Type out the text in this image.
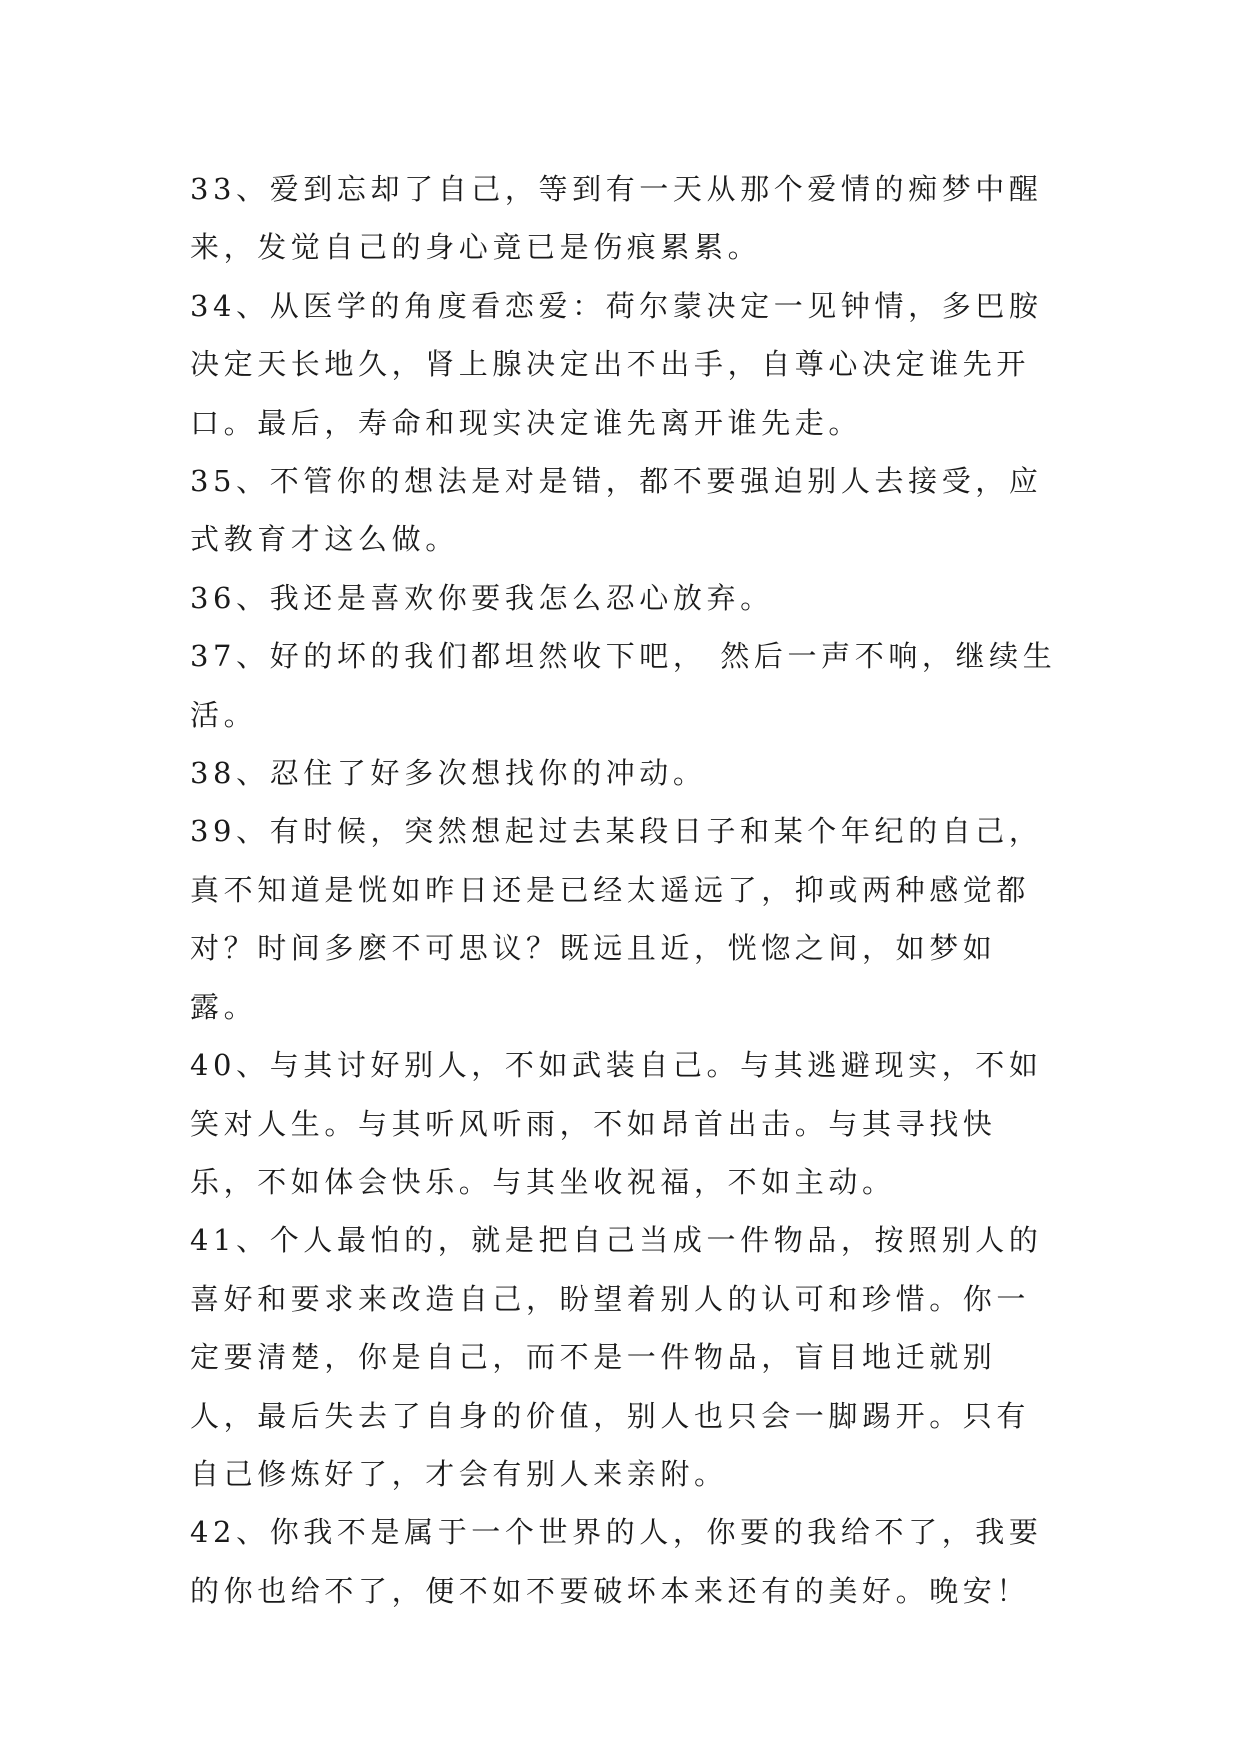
33、爱到忘却了自己，等到有一天从那个爱情的痴梦中醒来，发觉自己的身心竟已是伤痕累累。

34、从医学的角度看恋爱：荷尔蒙决定一见钟情，多巴胺决定天长地久，肾上腺决定出不出手，自尊心决定谁先开口。最后，寿命和现实决定谁先离开谁先走。

35、不管你的想法是对是错，都不要强迫别人去接受，应式教育才这么做。

36、我还是喜欢你要我怎么忍心放弃。

37、好的坏的我们都坦然收下吧， 然后一声不响，继续生活。

38、忍住了好多次想找你的冲动。

39、有时候，突然想起过去某段日子和某个年纪的自己，真不知道是恍如昨日还是已经太遥远了，抑或两种感觉都对？时间多麽不可思议？既远且近，恍惚之间，如梦如露。

40、与其讨好别人，不如武装自己。与其逃避现实，不如笑对人生。与其听风听雨，不如昂首出击。与其寻找快乐，不如体会快乐。与其坐收祝福，不如主动。

41、个人最怕的，就是把自己当成一件物品，按照别人的喜好和要求来改造自己，盼望着别人的认可和珍惜。你一定要清楚，你是自己，而不是一件物品，盲目地迁就别人，最后失去了自身的价值，别人也只会一脚踢开。只有自己修炼好了，才会有别人来亲附。

42、你我不是属于一个世界的人，你要的我给不了，我要的你也给不了，便不如不要破坏本来还有的美好。晚安！
